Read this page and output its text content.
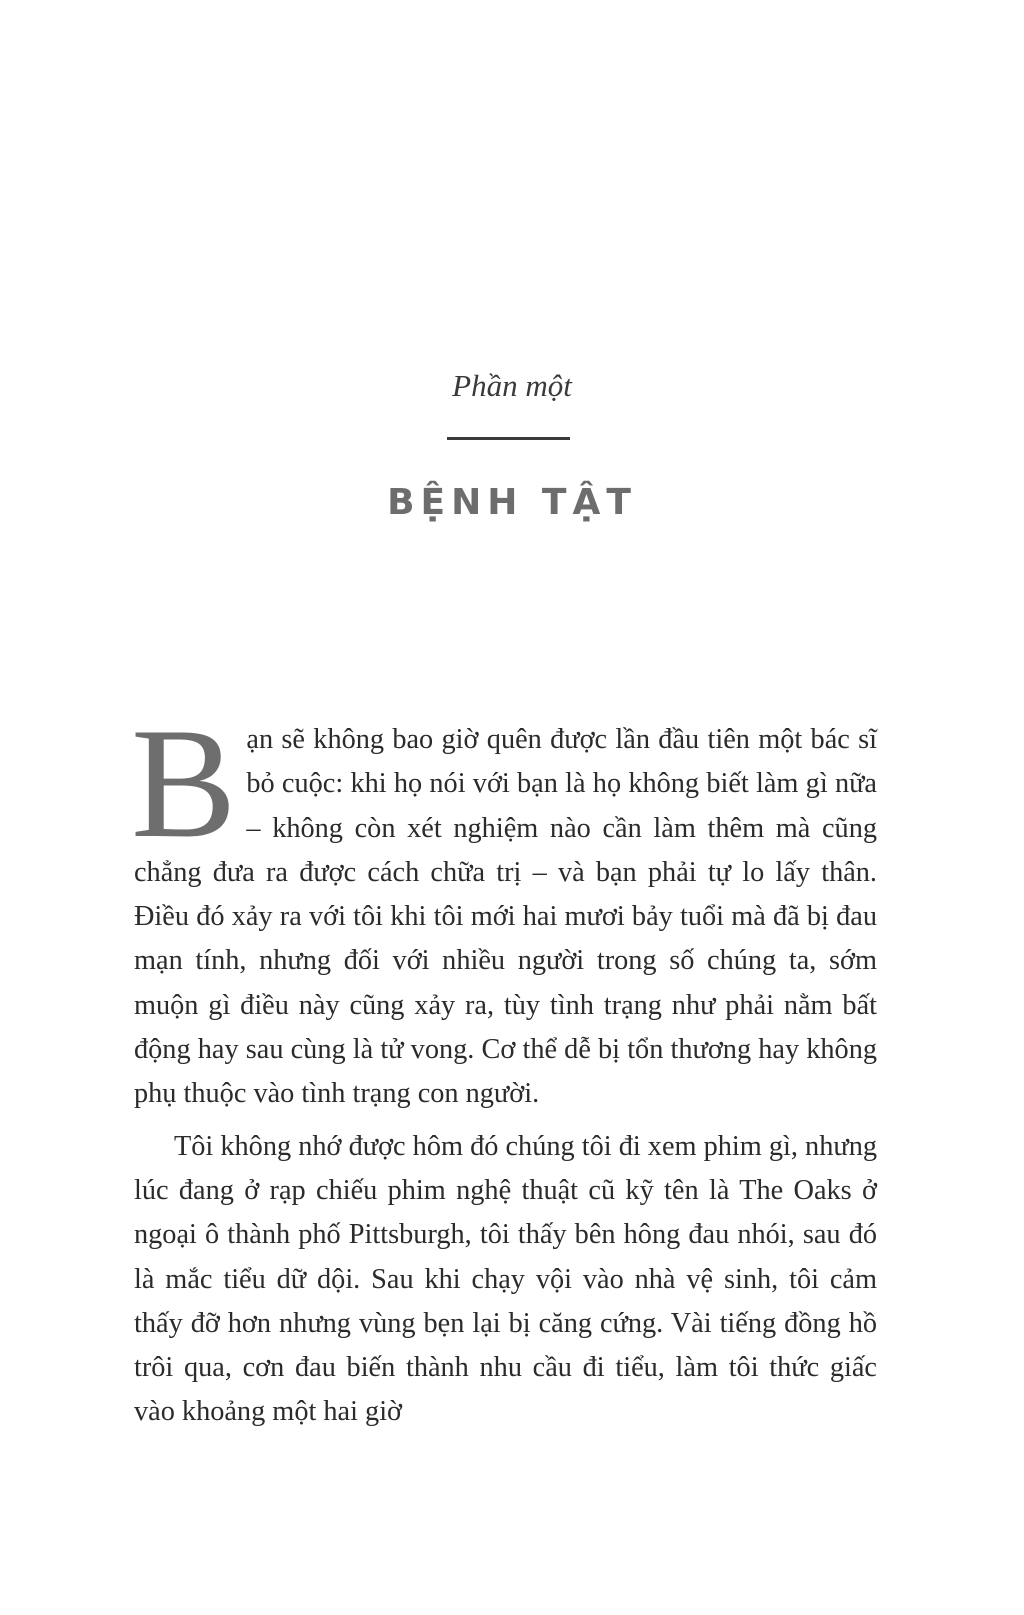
Phần một
BỆNH TẬT

Bạn sẽ không bao giờ quên được lần đầu tiên một bác sĩ bỏ cuộc: khi họ nói với bạn là họ không biết làm gì nữa – không còn xét nghiệm nào cần làm thêm mà cũng chẳng đưa ra được cách chữa trị – và bạn phải tự lo lấy thân. Điều đó xảy ra với tôi khi tôi mới hai mươi bảy tuổi mà đã bị đau mạn tính, nhưng đối với nhiều người trong số chúng ta, sớm muộn gì điều này cũng xảy ra, tùy tình trạng như phải nằm bất động hay sau cùng là tử vong. Cơ thể dễ bị tổn thương hay không phụ thuộc vào tình trạng con người.

Tôi không nhớ được hôm đó chúng tôi đi xem phim gì, nhưng lúc đang ở rạp chiếu phim nghệ thuật cũ kỹ tên là The Oaks ở ngoại ô thành phố Pittsburgh, tôi thấy bên hông đau nhói, sau đó là mắc tiểu dữ dội. Sau khi chạy vội vào nhà vệ sinh, tôi cảm thấy đỡ hơn nhưng vùng bẹn lại bị căng cứng. Vài tiếng đồng hồ trôi qua, cơn đau biến thành nhu cầu đi tiểu, làm tôi thức giấc vào khoảng một hai giờ
